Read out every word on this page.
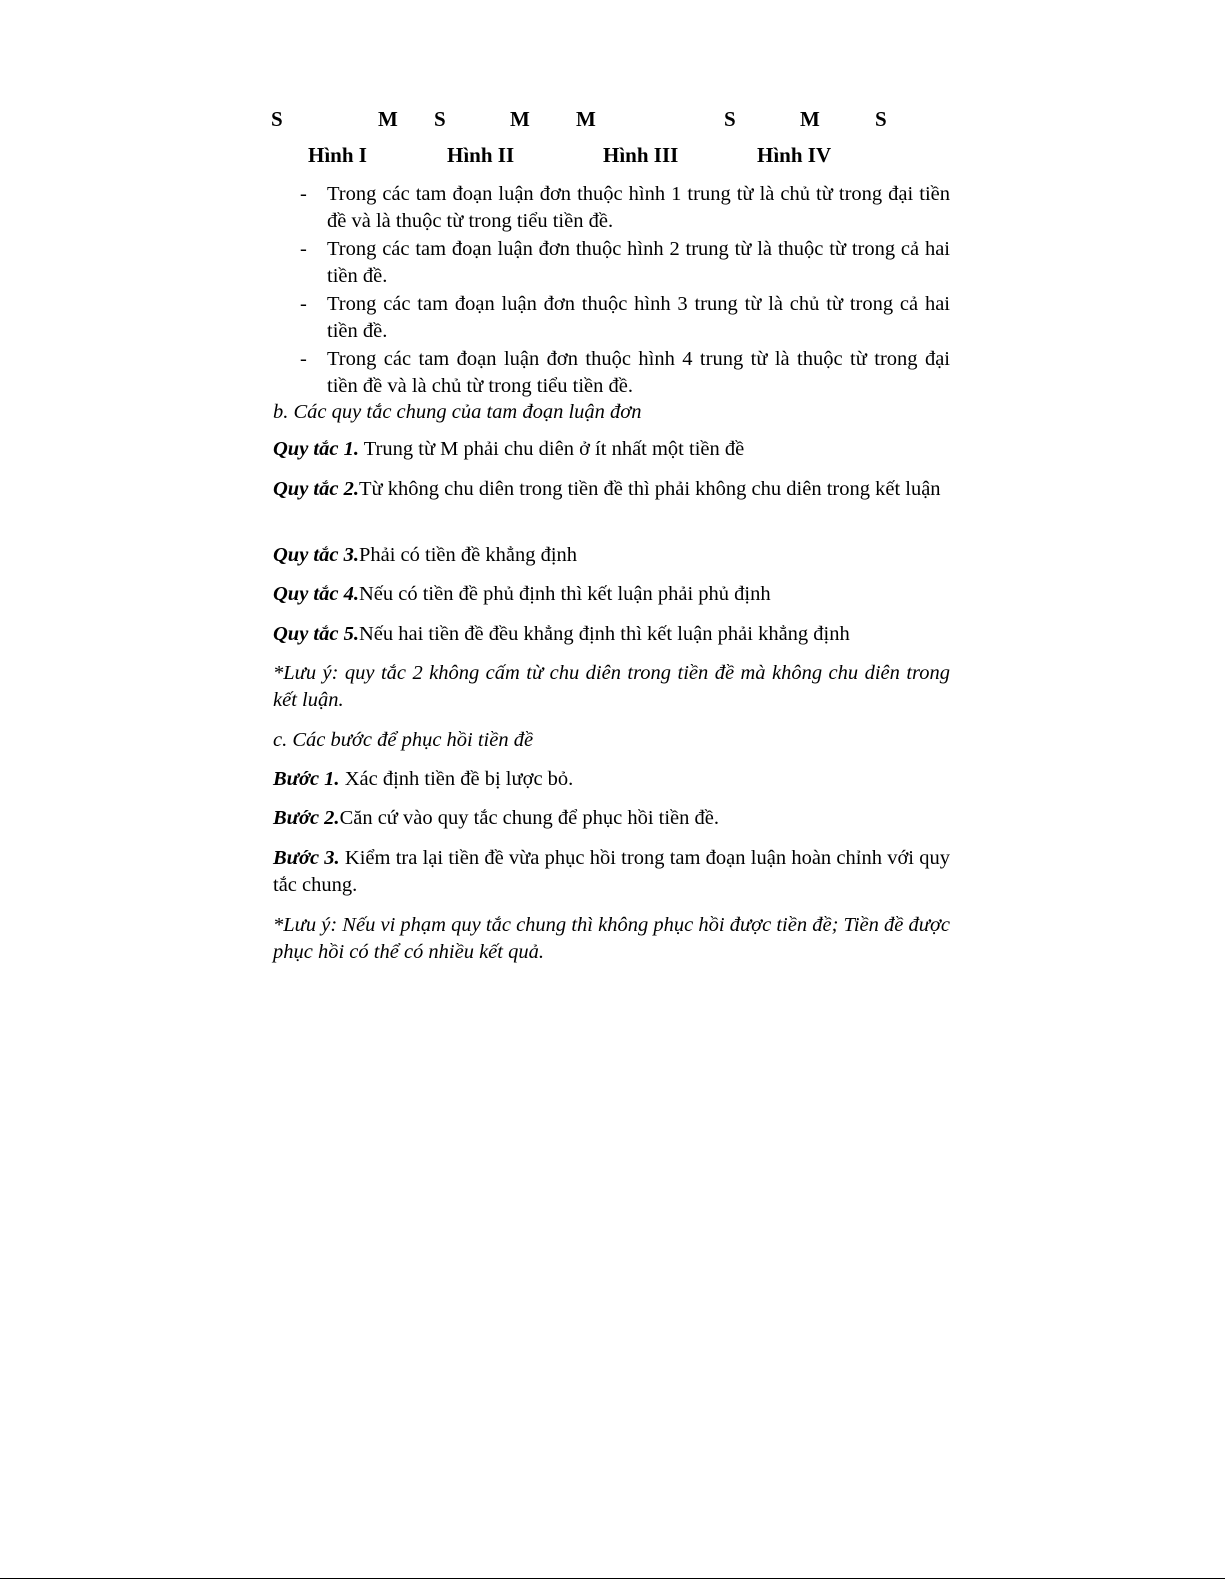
S	M S	M M	S	M	S
Hình I	Hình II	Hình III	Hình IV
- Trong các tam đoạn luận đơn thuộc hình 1 trung từ là chủ từ trong đại tiền đề và là thuộc từ trong tiểu tiền đề.
- Trong các tam đoạn luận đơn thuộc hình 2 trung từ là thuộc từ trong cả hai tiền đề.
- Trong các tam đoạn luận đơn thuộc hình 3 trung từ là chủ từ trong cả hai tiền đề.
- Trong các tam đoạn luận đơn thuộc hình 4 trung từ là thuộc từ trong đại tiền đề và là chủ từ trong tiểu tiền đề.
b. Các quy tắc chung của tam đoạn luận đơn
Quy tắc 1. Trung từ M phải chu diên ở ít nhất một tiền đề
Quy tắc 2.Từ không chu diên trong tiền đề thì phải không chu diên trong kết luận
Quy tắc 3.Phải có tiền đề khẳng định
Quy tắc 4.Nếu có tiền đề phủ định thì kết luận phải phủ định
Quy tắc 5.Nếu hai tiền đề đều khẳng định thì kết luận phải khẳng định
*Lưu ý: quy tắc 2 không cấm từ chu diên trong tiền đề mà không chu diên trong kết luận.
c. Các bước để phục hồi tiền đề
Bước 1. Xác định tiền đề bị lược bỏ.
Bước 2.Căn cứ vào quy tắc chung để phục hồi tiền đề.
Bước 3. Kiểm tra lại tiền đề vừa phục hồi trong tam đoạn luận hoàn chỉnh với quy tắc chung.
*Lưu ý: Nếu vi phạm quy tắc chung thì không phục hồi được tiền đề; Tiền đề được phục hồi có thể có nhiều kết quả.
